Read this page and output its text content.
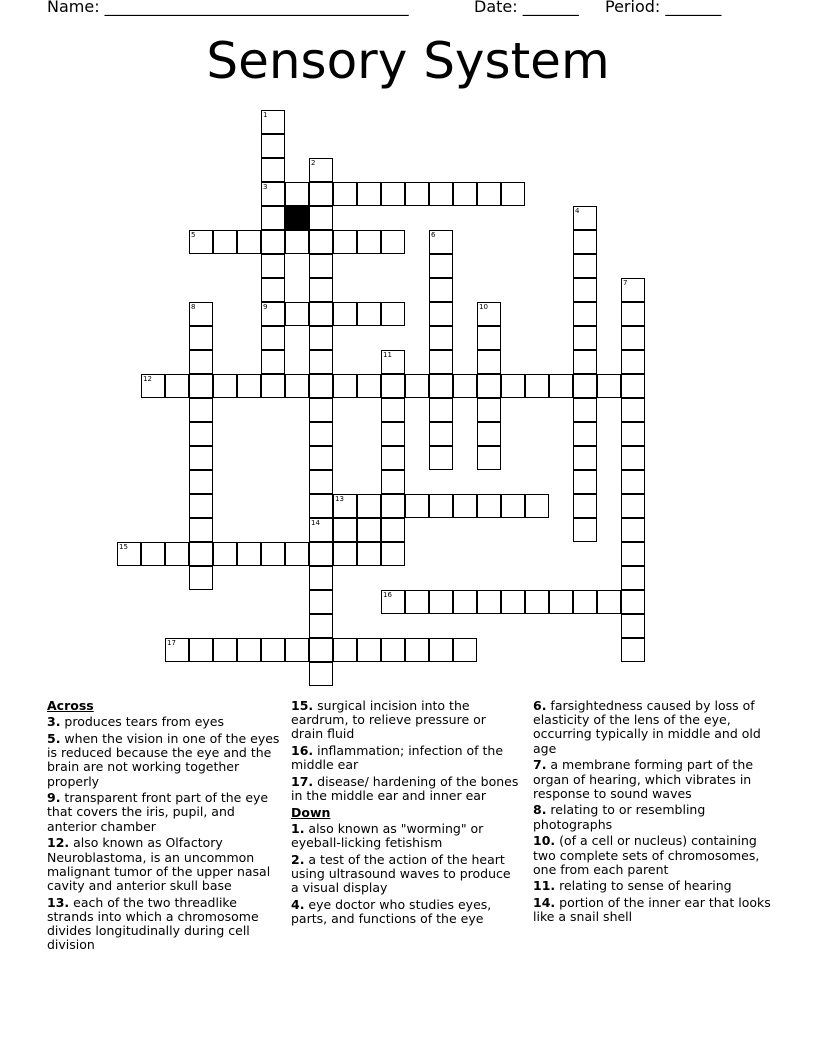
Name: ______________________________________	Date: _______ Period: _______
Sensory System
1
2
3
4
5	6
7
8	9	10
11
12
13
14
15
16
17
Across
3. produces tears from eyes
5. when the vision in one of the eyes is reduced because the eye and the brain are not working together properly
9. transparent front part of the eye that covers the iris, pupil, and anterior chamber
12. also known as Olfactory Neuroblastoma, is an uncommon malignant tumor of the upper nasal cavity and anterior skull base
13. each of the two threadlike strands into which a chromosome divides longitudinally during cell division
15. surgical incision into the eardrum, to relieve pressure or drain fluid
16. inflammation; infection of the middle ear
17. disease/ hardening of the bones in the middle ear and inner ear
Down
1. also known as "worming" or eyeball-licking fetishism
2. a test of the action of the heart using ultrasound waves to produce a visual display
4. eye doctor who studies eyes, parts, and functions of the eye
6. farsightedness caused by loss of elasticity of the lens of the eye, occurring typically in middle and old age
7. a membrane forming part of the organ of hearing, which vibrates in response to sound waves
8. relating to or resembling photographs
10. (of a cell or nucleus) containing two complete sets of chromosomes, one from each parent
11. relating to sense of hearing
14. portion of the inner ear that looks like a snail shell
